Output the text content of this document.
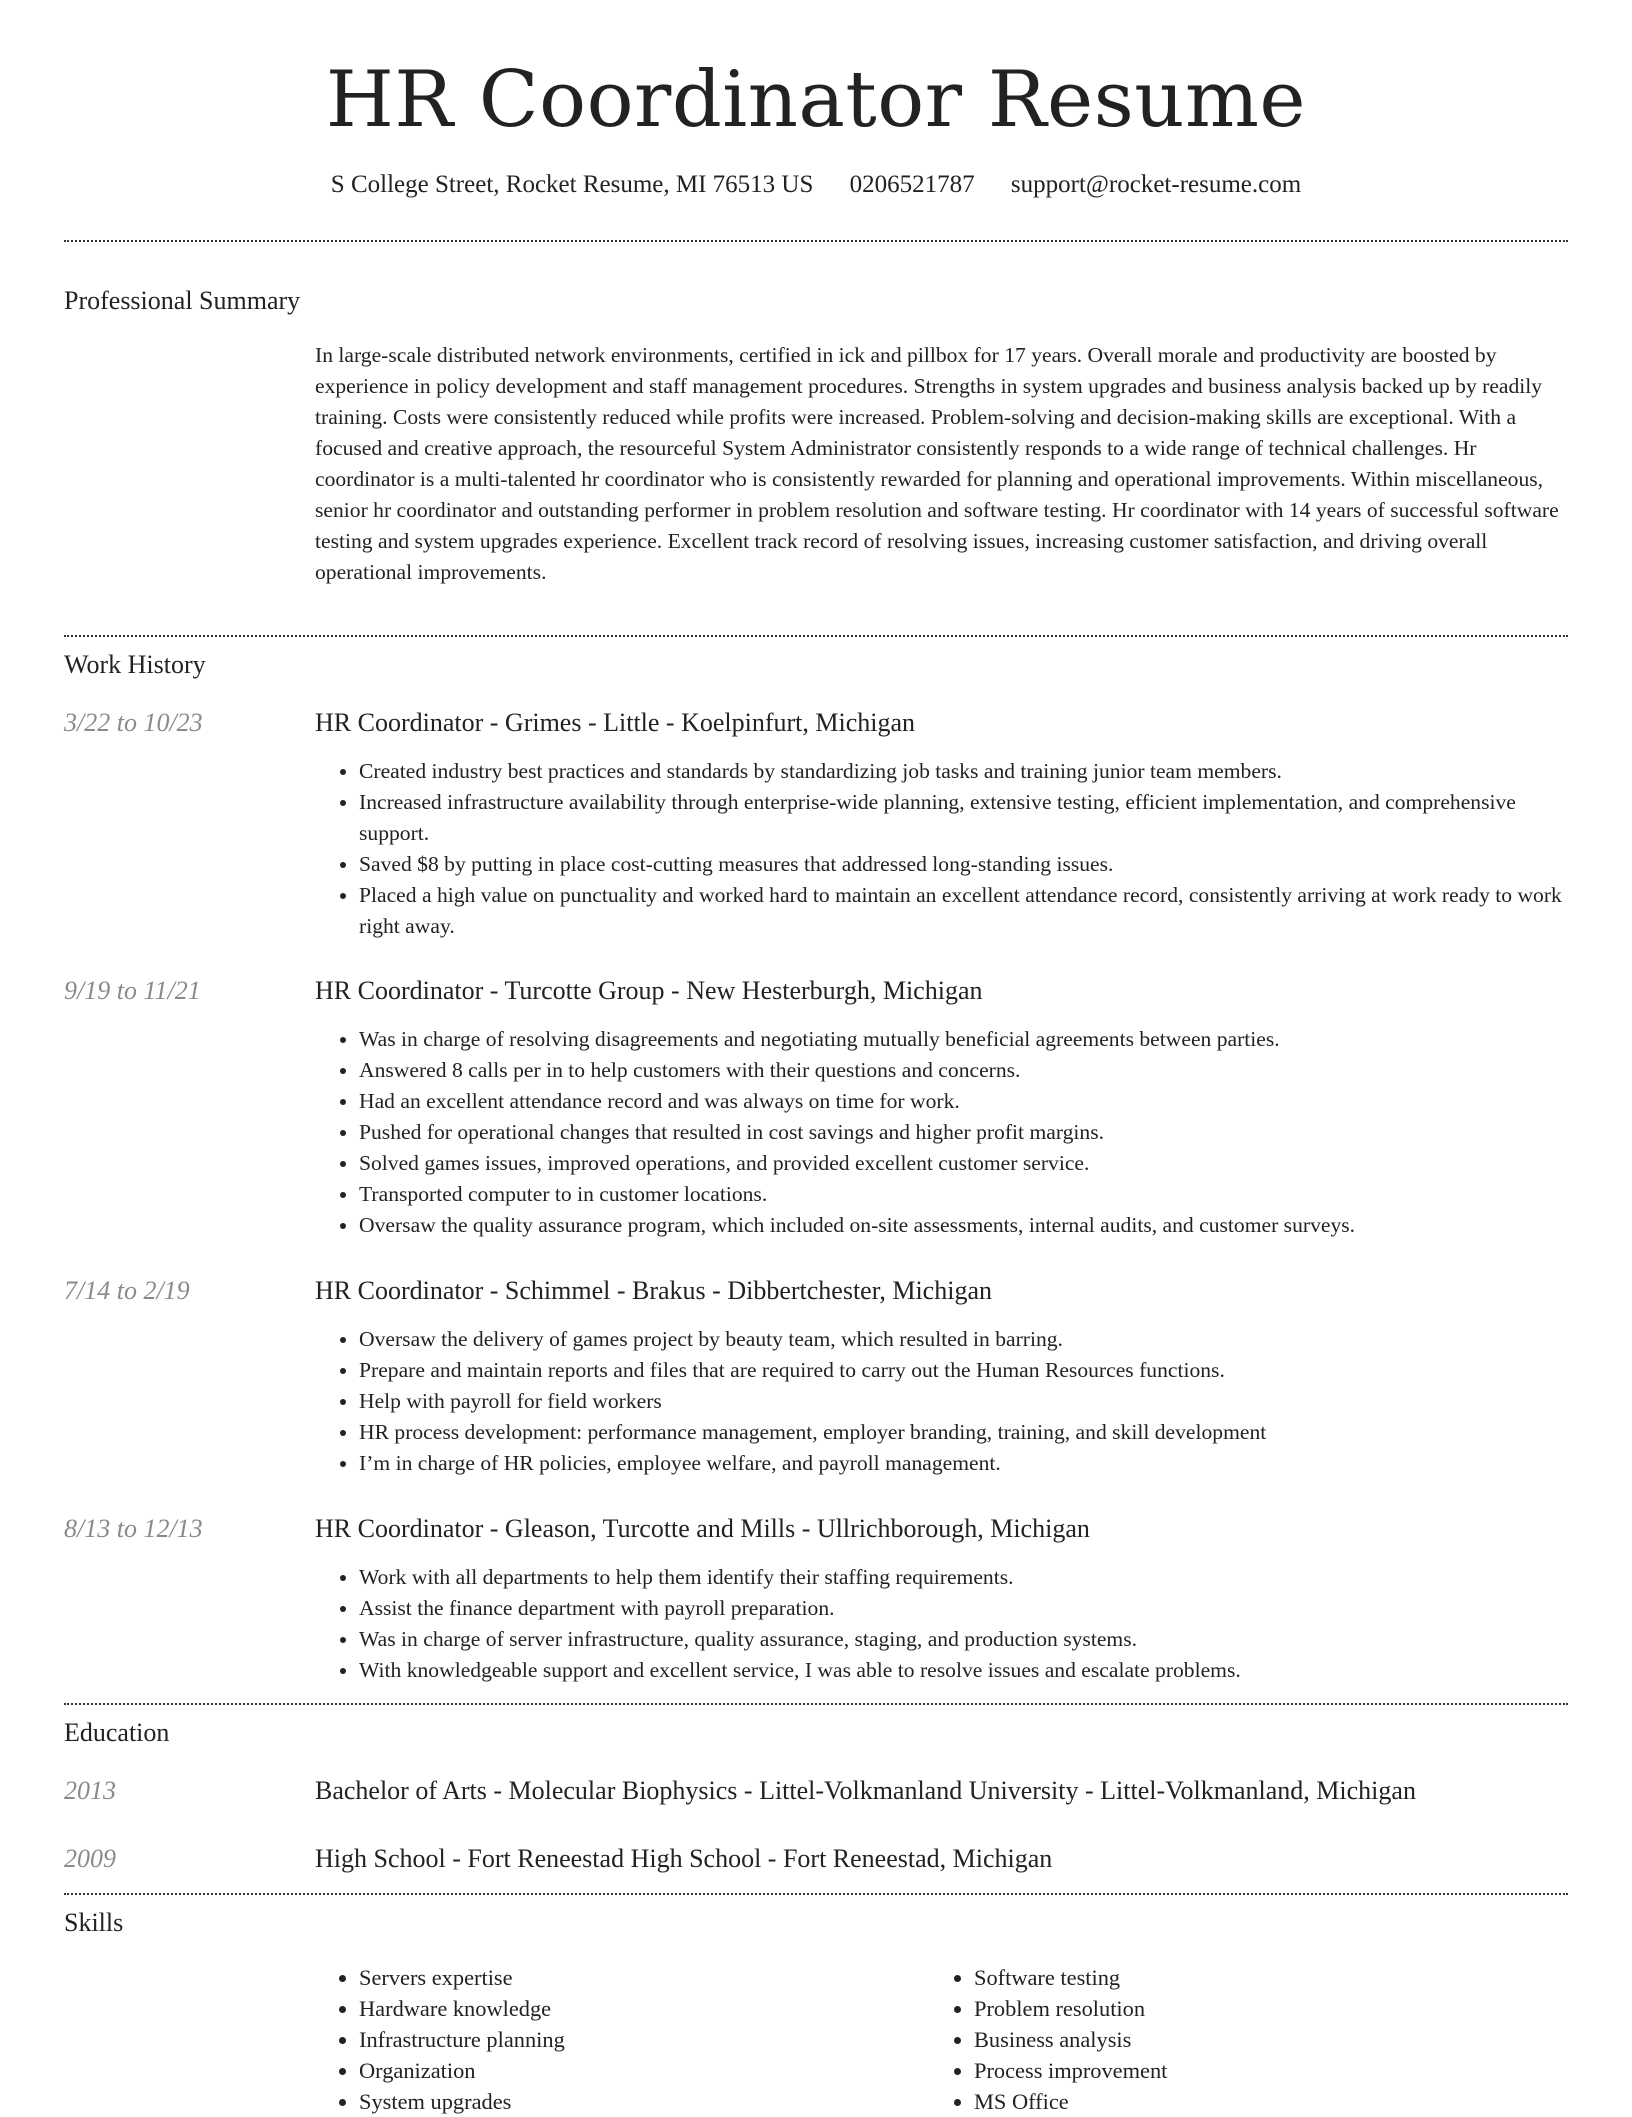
HR Coordinator Resume
S College Street, Rocket Resume, MI 76513 US 0206521787 support@rocket-resume.com
Professional Summary
In large-scale distributed network environments, certified in ick and pillbox for 17 years. Overall morale and productivity are boosted by experience in policy development and staff management procedures. Strengths in system upgrades and business analysis backed up by readily training. Costs were consistently reduced while profits were increased. Problem-solving and decision-making skills are exceptional. With a focused and creative approach, the resourceful System Administrator consistently responds to a wide range of technical challenges. Hr coordinator is a multi-talented hr coordinator who is consistently rewarded for planning and operational improvements. Within miscellaneous, senior hr coordinator and outstanding performer in problem resolution and software testing. Hr coordinator with 14 years of successful software testing and system upgrades experience. Excellent track record of resolving issues, increasing customer satisfaction, and driving overall operational improvements.
Work History
3/22 to 10/23	HR Coordinator - Grimes - Little - Koelpinfurt, Michigan
• Created industry best practices and standards by standardizing job tasks and training junior team members.
• Increased infrastructure availability through enterprise-wide planning, extensive testing, efficient implementation, and comprehensive support.
• Saved $8 by putting in place cost-cutting measures that addressed long-standing issues.
• Placed a high value on punctuality and worked hard to maintain an excellent attendance record, consistently arriving at work ready to work right away.
9/19 to 11/21	HR Coordinator - Turcotte Group - New Hesterburgh, Michigan
• Was in charge of resolving disagreements and negotiating mutually beneficial agreements between parties.
• Answered 8 calls per in to help customers with their questions and concerns.
• Had an excellent attendance record and was always on time for work.
• Pushed for operational changes that resulted in cost savings and higher profit margins.
• Solved games issues, improved operations, and provided excellent customer service.
• Transported computer to in customer locations.
• Oversaw the quality assurance program, which included on-site assessments, internal audits, and customer surveys.
7/14 to 2/19	HR Coordinator - Schimmel - Brakus - Dibbertchester, Michigan
• Oversaw the delivery of games project by beauty team, which resulted in barring.
• Prepare and maintain reports and files that are required to carry out the Human Resources functions.
• Help with payroll for field workers
• HR process development: performance management, employer branding, training, and skill development
• I’m in charge of HR policies, employee welfare, and payroll management.
8/13 to 12/13	HR Coordinator - Gleason, Turcotte and Mills - Ullrichborough, Michigan
• Work with all departments to help them identify their staffing requirements.
• Assist the finance department with payroll preparation.
• Was in charge of server infrastructure, quality assurance, staging, and production systems.
• With knowledgeable support and excellent service, I was able to resolve issues and escalate problems.
Education
2013	Bachelor of Arts - Molecular Biophysics - Littel-Volkmanland University - Littel-Volkmanland, Michigan
2009	High School - Fort Reneestad High School - Fort Reneestad, Michigan
Skills
• Servers expertise
• Hardware knowledge
• Infrastructure planning
• Organization
• System upgrades
• Software testing
• Problem resolution
• Business analysis
• Process improvement
• MS Office
